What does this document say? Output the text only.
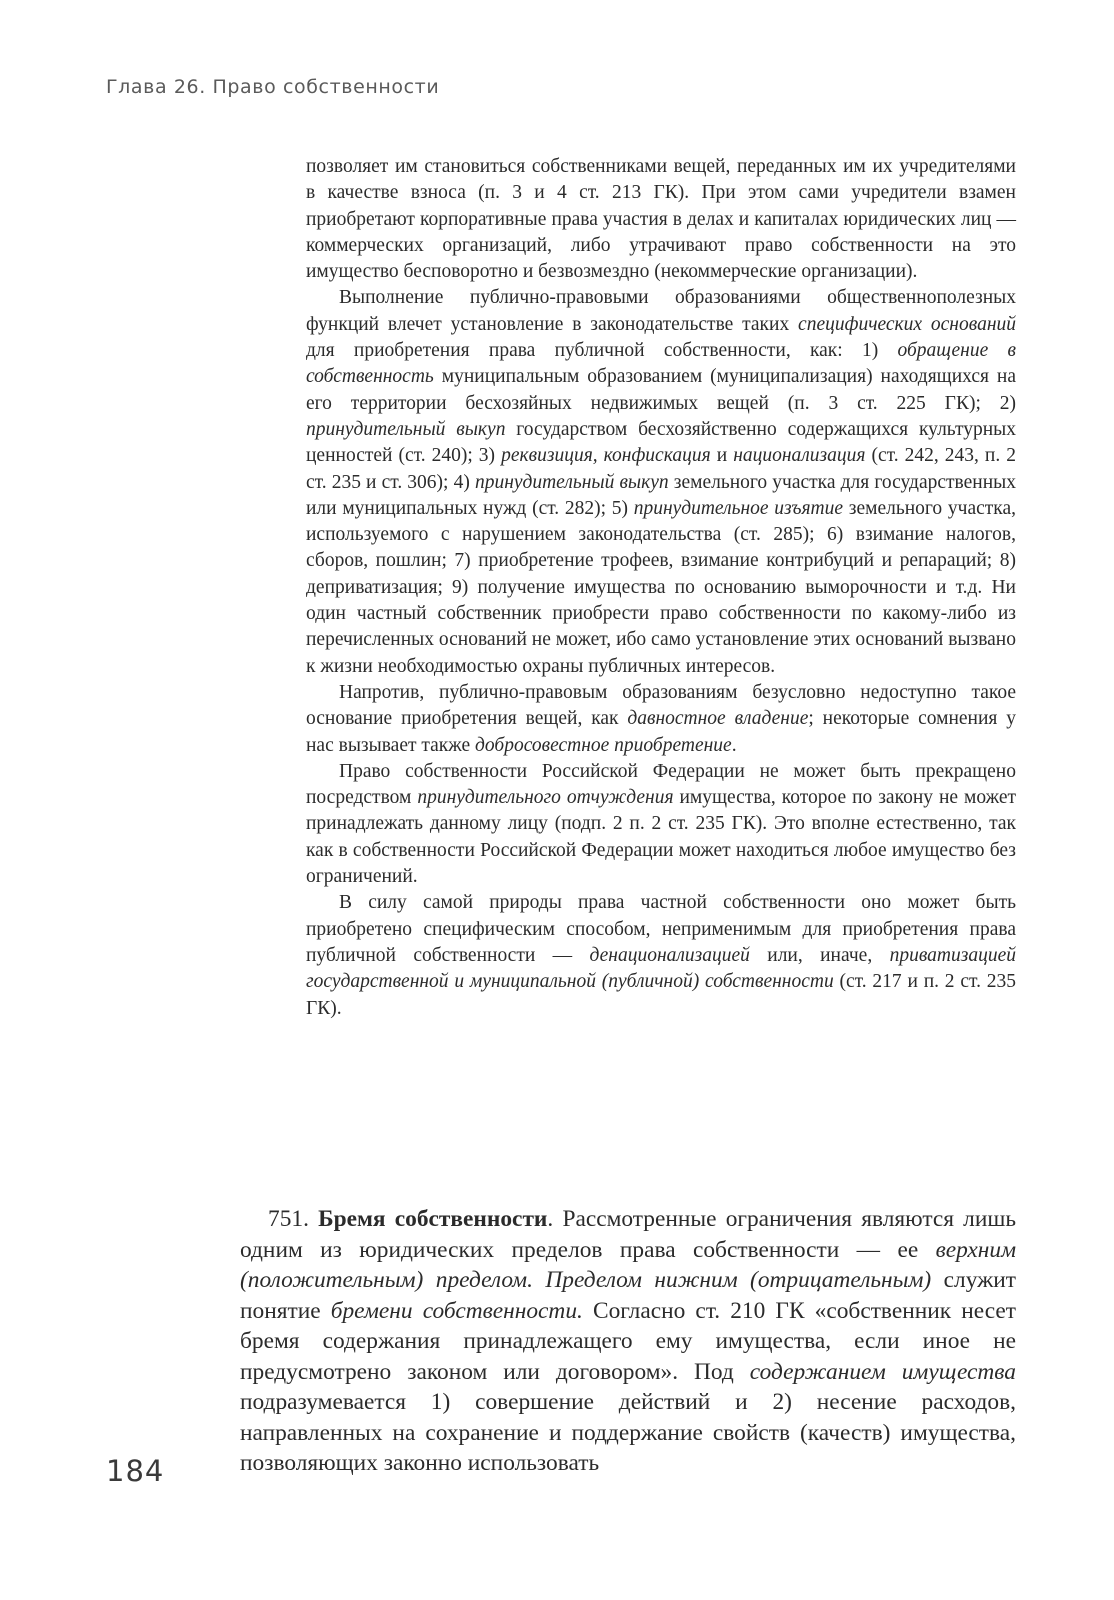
Глава 26. Право собственности

позволяет им становиться собственниками вещей, переданных им их учредителями в качестве взноса (п. 3 и 4 ст. 213 ГК). При этом сами учредители взамен приобретают корпоративные права участия в делах и капиталах юридических лиц — коммерческих организаций, либо утрачивают право собственности на это имущество бесповоротно и безвозмездно (некоммерческие организации).

Выполнение публично-правовыми образованиями общественнополезных функций влечет установление в законодательстве таких специфических оснований для приобретения права публичной собственности, как: 1) обращение в собственность муниципальным образованием (муниципализация) находящихся на его территории бесхозяйных недвижимых вещей (п. 3 ст. 225 ГК); 2) принудительный выкуп государством бесхозяйственно содержащихся культурных ценностей (ст. 240); 3) реквизиция, конфискация и национализация (ст. 242, 243, п. 2 ст. 235 и ст. 306); 4) принудительный выкуп земельного участка для государственных или муниципальных нужд (ст. 282); 5) принудительное изъятие земельного участка, используемого с нарушением законодательства (ст. 285); 6) взимание налогов, сборов, пошлин; 7) приобретение трофеев, взимание контрибуций и репараций; 8) деприватизация; 9) получение имущества по основанию выморочности и т.д. Ни один частный собственник приобрести право собственности по какому-либо из перечисленных оснований не может, ибо само установление этих оснований вызвано к жизни необходимостью охраны публичных интересов.

Напротив, публично-правовым образованиям безусловно недоступно такое основание приобретения вещей, как давностное владение; некоторые сомнения у нас вызывает также добросовестное приобретение.

Право собственности Российской Федерации не может быть прекращено посредством принудительного отчуждения имущества, которое по закону не может принадлежать данному лицу (подп. 2 п. 2 ст. 235 ГК). Это вполне естественно, так как в собственности Российской Федерации может находиться любое имущество без ограничений.

В силу самой природы права частной собственности оно может быть приобретено специфическим способом, неприменимым для приобретения права публичной собственности — денационализацией или, иначе, приватизацией государственной и муниципальной (публичной) собственности (ст. 217 и п. 2 ст. 235 ГК).

751. Бремя собственности. Рассмотренные ограничения являются лишь одним из юридических пределов права собственности — ее верхним (положительным) пределом. Пределом нижним (отрицательным) служит понятие бремени собственности. Согласно ст. 210 ГК «собственник несет бремя содержания принадлежащего ему имущества, если иное не предусмотрено законом или договором». Под содержанием имущества подразумевается 1) совершение действий и 2) несение расходов, направленных на сохранение и поддержание свойств (качеств) имущества, позволяющих законно использовать

184
